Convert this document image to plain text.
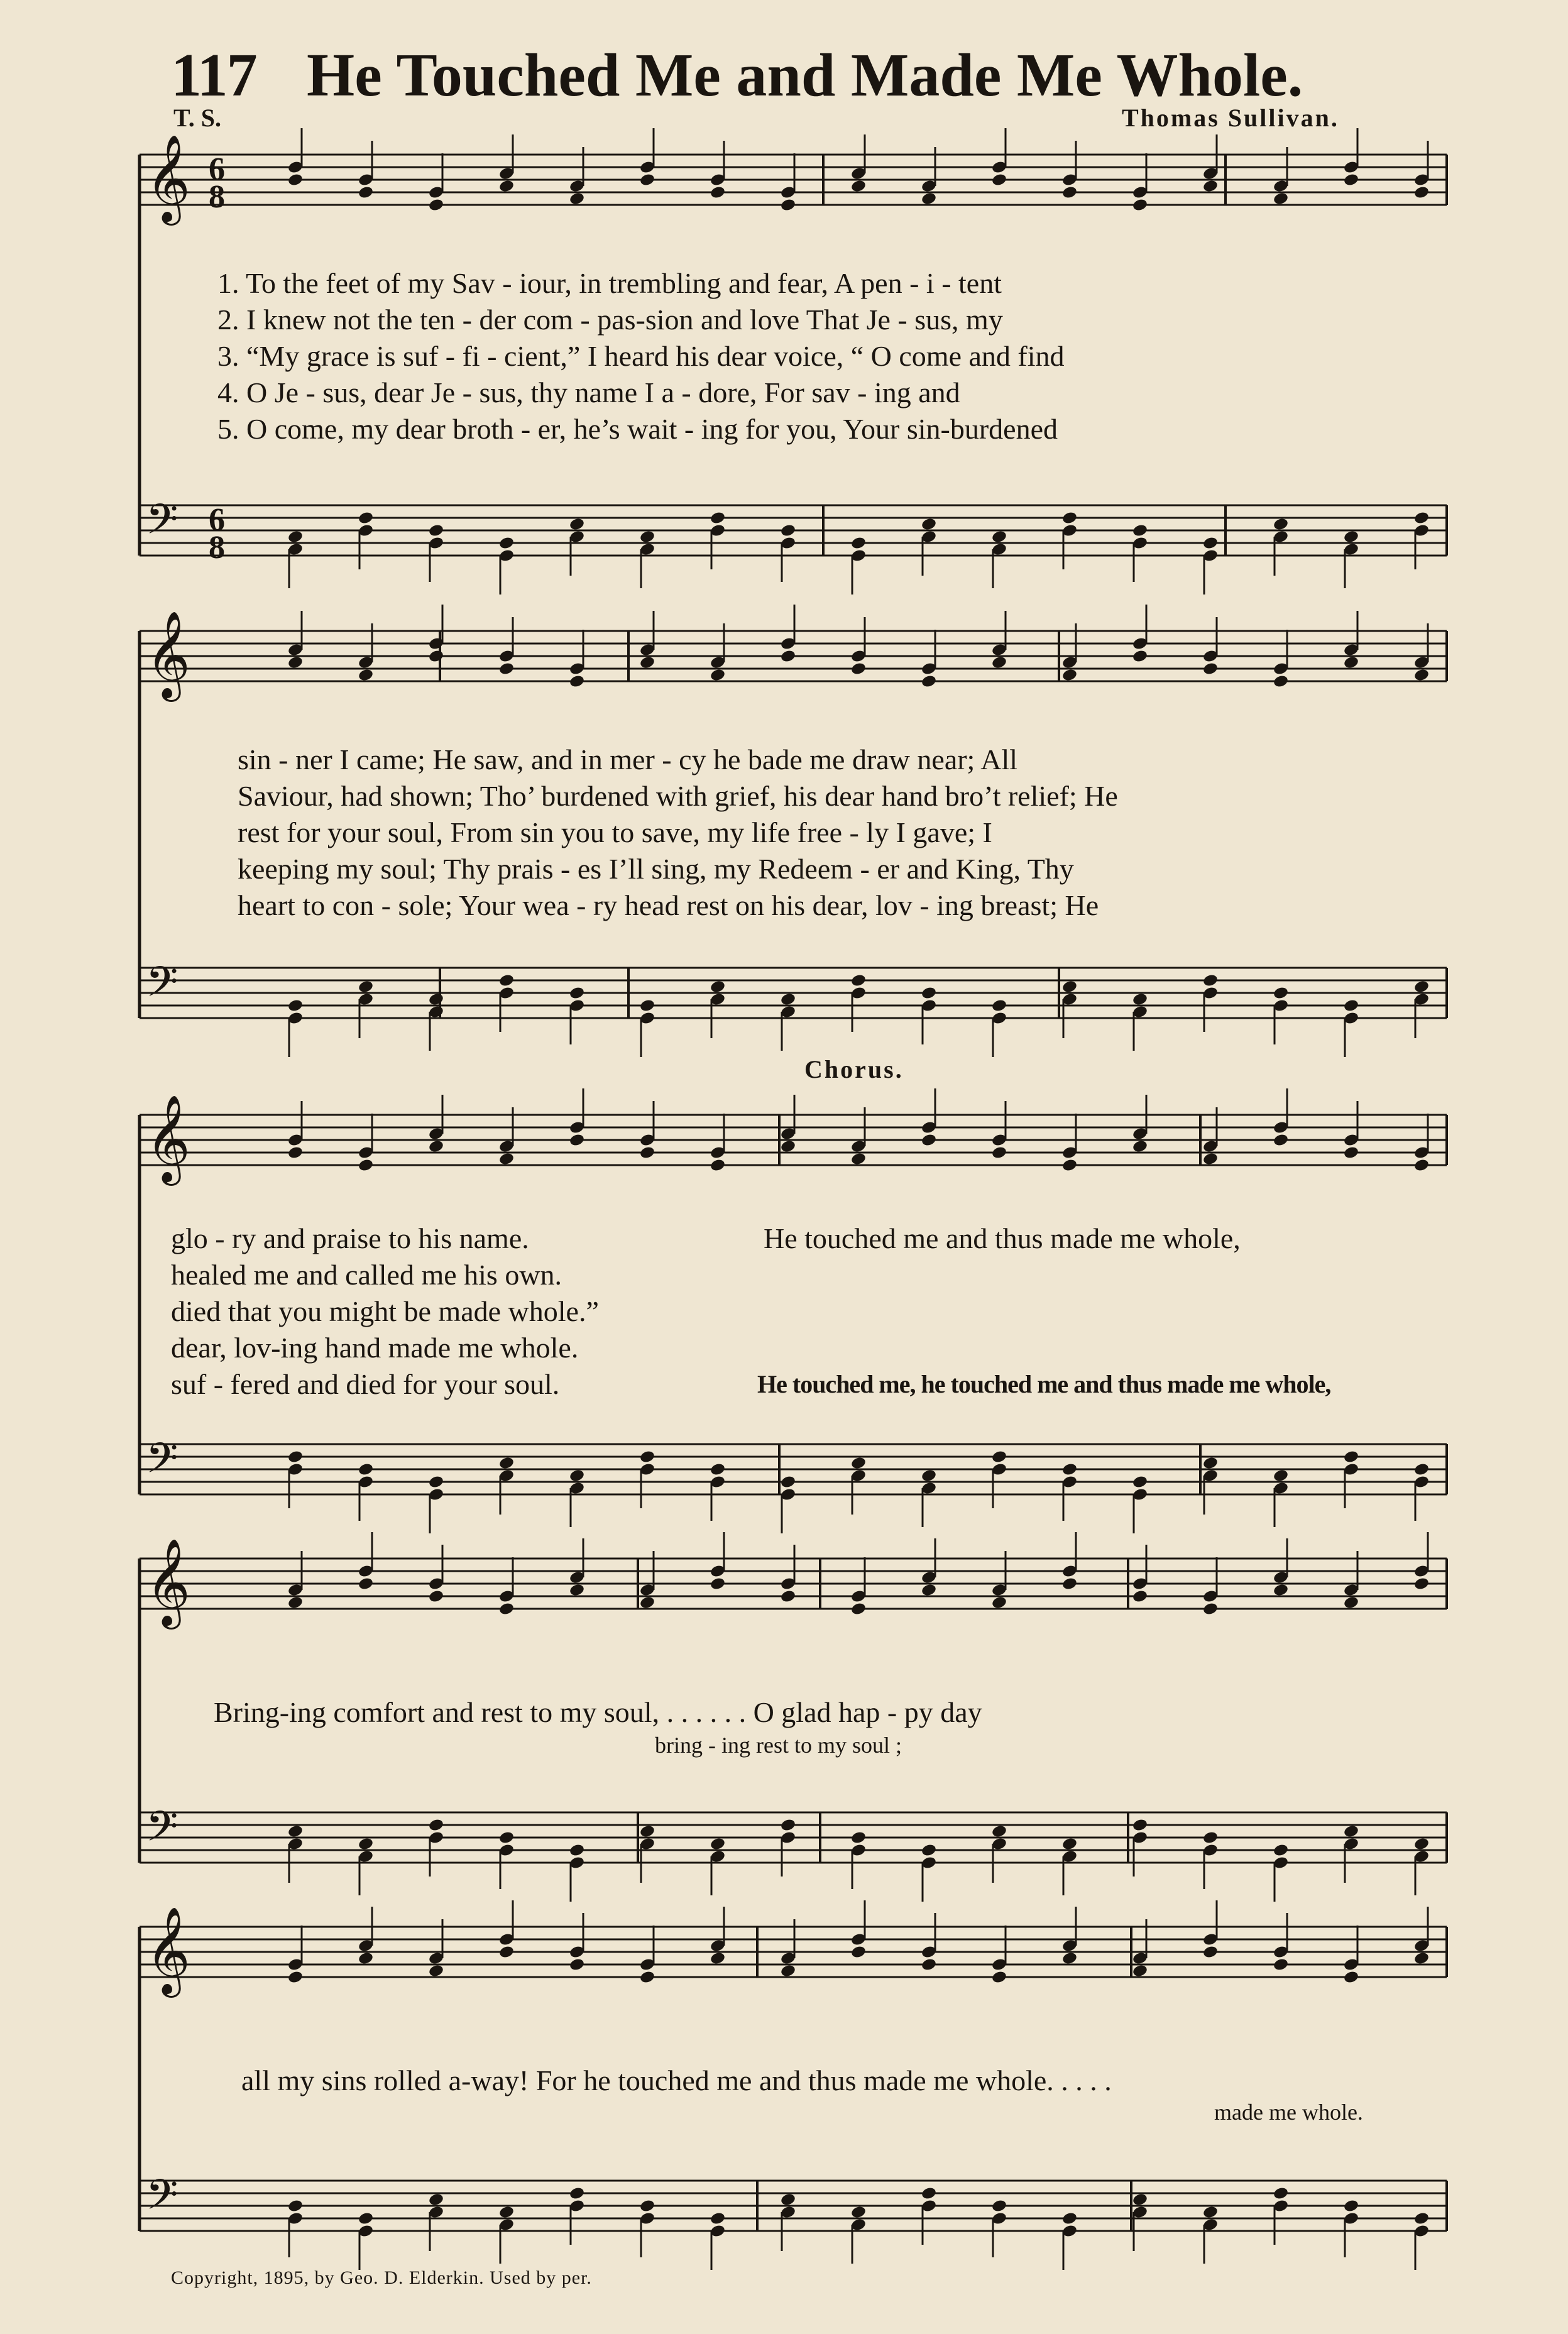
117 He Touched Me and Made Me Whole.
T. S.	Thomas Sullivan.
𝄞
𝄢
𝄞
𝄢
𝄞
𝄢
𝄞
𝄢
𝄞
𝄢
6
8
6
8
1. To the feet of my Sav - iour, in trembling and fear, A pen - i - tent
2. I knew not the ten - der com - pas-sion and love That Je - sus, my
3. “My grace is suf - fi - cient,” I heard his dear voice, “ O come and find
4. O Je - sus, dear Je - sus, thy name I a - dore, For sav - ing and
5. O come, my dear broth - er, he’s wait - ing for you, Your sin-burdened
sin - ner I came; He saw, and in mer - cy he bade me draw near; All
Saviour, had shown; Tho’ burdened with grief, his dear hand bro’t relief; He
rest for your soul, From sin you to save, my life free - ly I gave; I
keeping my soul; Thy prais - es I’ll sing, my Redeem - er and King, Thy
heart to con - sole; Your wea - ry head rest on his dear, lov - ing breast; He
Chorus.
glo - ry and praise to his name.
healed me and called me his own.
died that you might be made whole.”
dear, lov-ing hand made me whole.
suf - fered and died for your soul.
He touched me and thus made me whole,
He touched me, he touched me and thus made me whole,
Bring-ing comfort and rest to my soul, . . . . . . O glad hap - py day
bring - ing rest to my soul ;
all my sins rolled a-way! For he touched me and thus made me whole. . . . .
made me whole.
Copyright, 1895, by Geo. D. Elderkin. Used by per.
